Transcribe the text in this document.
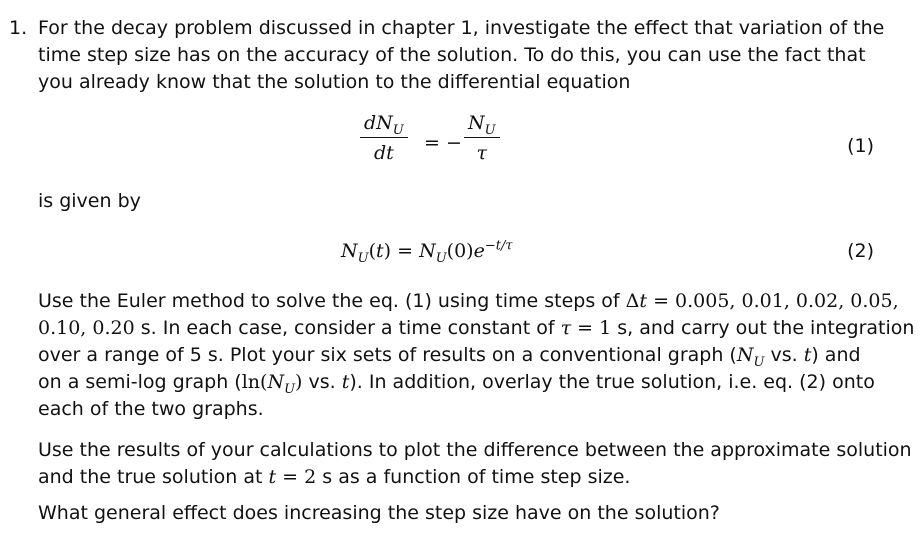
1. For the decay problem discussed in chapter 1, investigate the effect that variation of the
time step size has on the accuracy of the solution. To do this, you can use the fact that
you already know that the solution to the differential equation
$dN_U$
dt	= − $\frac{N_U}{\tau}$	(1)
is given by
$N_U(t) = N_U(0)e^{-t/\tau}$	(2)
Use the Euler method to solve the eq. (1) using time steps of Δt = 0.005, 0.01, 0.02, 0.05,
0.10, 0.20 s. In each case, consider a time constant of τ = 1 s, and carry out the integration
over a range of 5 s. Plot your six sets of results on a conventional graph ($N_U$ vs. t) and
on a semi-log graph ($\ln(N_U)$ vs. t). In addition, overlay the true solution, i.e. eq. (2) onto
each of the two graphs.
Use the results of your calculations to plot the difference between the approximate solution
and the true solution at t = 2 s as a function of time step size.
What general effect does increasing the step size have on the solution?
